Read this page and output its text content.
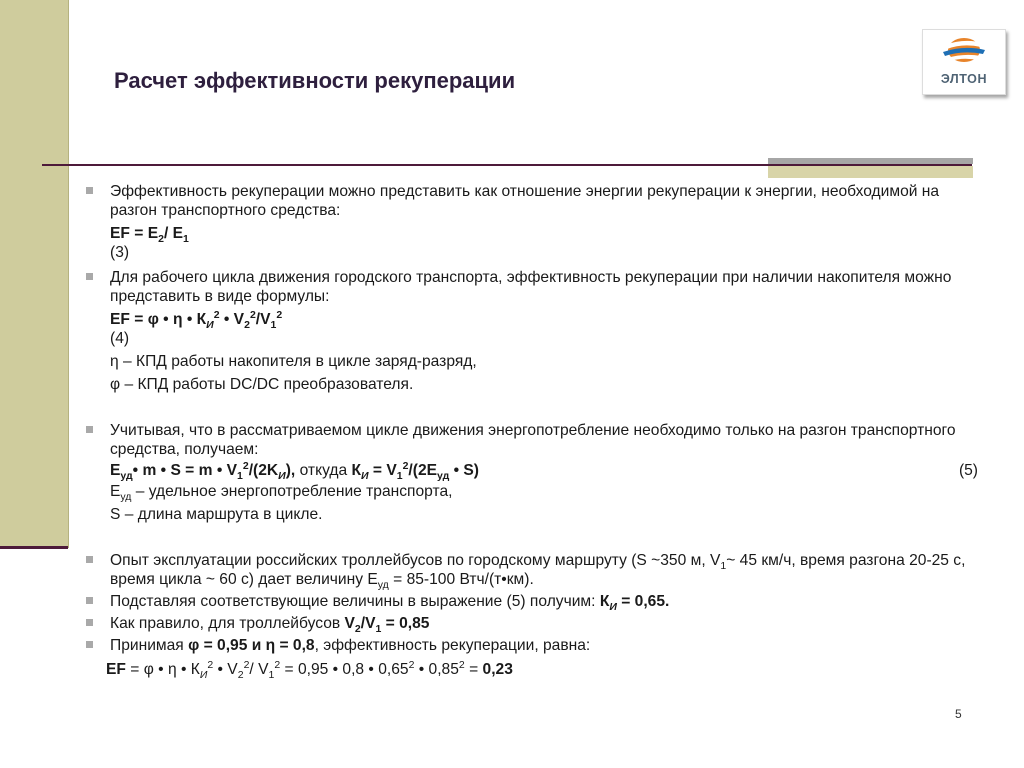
Расчет эффективности рекуперации	ЭЛТОН
Эффективность рекуперации можно представить как отношение энергии рекуперации к энергии, необходимой на разгон транспортного средства:
EF = $E_2/$ $E_1$
(3)
Для рабочего цикла движения городского транспорта, эффективность рекуперации при наличии накопителя можно представить в виде формулы:
EF = φ • η • $К_И^2$ • $V_2^2/V_1^2$
(4)
η – КПД работы накопителя в цикле заряд-разряд,
φ – КПД работы DC/DC преобразователя.
Учитывая, что в рассматриваемом цикле движения энергопотребление необходимо только на разгон транспортного средства, получаем:
(5)
$E_{уд}•$ m • S = m • $V_1^2/(2K_И)$, откуда $К_И = V_1^2/(2E_{уд}$ • S)
$E_{уд}$ – удельное энергопотребление транспорта,
S – длина маршрута в цикле.
Опыт эксплуатации российских троллейбусов по городскому маршруту (S ~350 м, $V_1\sim$ 45 км/ч, время разгона 20-25 с, время цикла ~ 60 с) дает величину $Е_{уд} = 85-100$ Втч/(т•км).
Подставляя соответствующие величины в выражение (5) получим: $К_И = 0,65$.
Как правило, для троллейбусов $V_2/V_1 = 0,85$
Принимая φ = 0,95 и η = 0,8, эффективность рекуперации, равна:
EF = φ • η • $К_И^2$ • $V_2^2/$ $V_1^2 = 0,95$ • 0,8 • 0,65$^2$ • $0,85^2 = 0,23$
5
